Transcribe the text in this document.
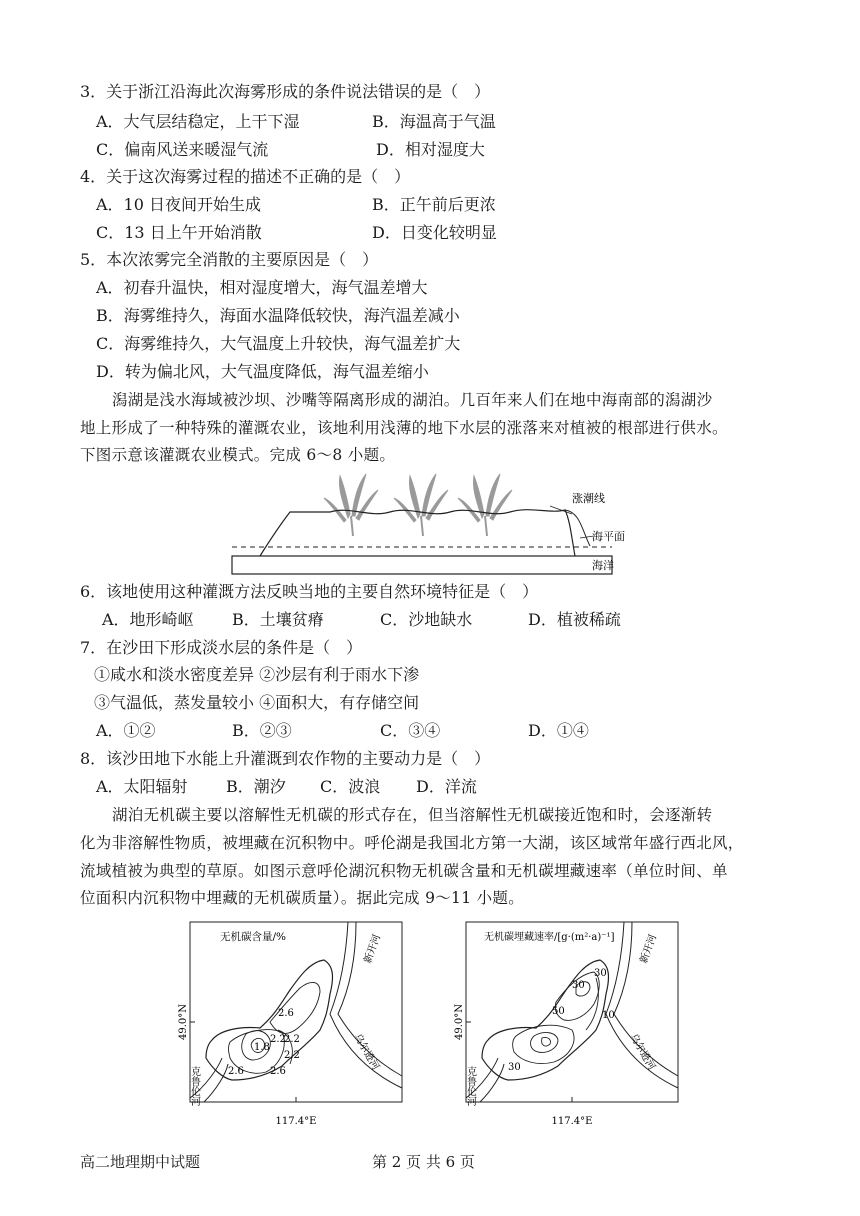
3．关于浙江沿海此次海雾形成的条件说法错误的是（　）
A．大气层结稳定，上干下湿	B．海温高于气温
C．偏南风送来暖湿气流	D．相对湿度大
4．关于这次海雾过程的描述不正确的是（　）
A．10 日夜间开始生成	B．正午前后更浓
C．13 日上午开始消散	D．日变化较明显
5．本次浓雾完全消散的主要原因是（　）
A．初春升温快，相对湿度增大，海气温差增大
B．海雾维持久，海面水温降低较快，海汽温差减小
C．海雾维持久，大气温度上升较快，海气温差扩大
D．转为偏北风，大气温度降低，海气温差缩小
潟湖是浅水海域被沙坝、沙嘴等隔离形成的湖泊。几百年来人们在地中海南部的潟湖沙
地上形成了一种特殊的灌溉农业，该地利用浅薄的地下水层的涨落来对植被的根部进行供水。
下图示意该灌溉农业模式。完成 6～8 小题。
涨潮线
海平面
海洋
6．该地使用这种灌溉方法反映当地的主要自然环境特征是（　）
A．地形崎岖 B．土壤贫瘠	C．沙地缺水	D．植被稀疏
7．在沙田下形成淡水层的条件是（　）
①咸水和淡水密度差异 ②沙层有利于雨水下渗
③气温低，蒸发量较小 ④面积大，有存储空间
A．①②	B．②③	C．③④	D．①④
8．该沙田地下水能上升灌溉到农作物的主要动力是（　）
A．太阳辐射 B．潮汐 C．波浪 D．洋流
湖泊无机碳主要以溶解性无机碳的形式存在，但当溶解性无机碳接近饱和时，会逐渐转
化为非溶解性物质，被埋藏在沉积物中。呼伦湖是我国北方第一大湖，该区域常年盛行西北风，
流域植被为典型的草原。如图示意呼伦湖沉积物无机碳含量和无机碳埋藏速率（单位时间、单
位面积内沉积物中埋藏的无机碳质量）。据此完成 9～11 小题。
无机碳含量/%
49.0°N
117.4°E
2.6
1.8
2.2
2.2
2.2
2.6
2.6
新开河
乌尔逊河
克鲁伦河
无机碳埋藏速率/[g·(m²·a)⁻¹]
49.0°N
117.4°E
30
30
50	10
30
新开河
乌尔逊河
克鲁伦河
高二地理期中试题	第 2 页 共 6 页
